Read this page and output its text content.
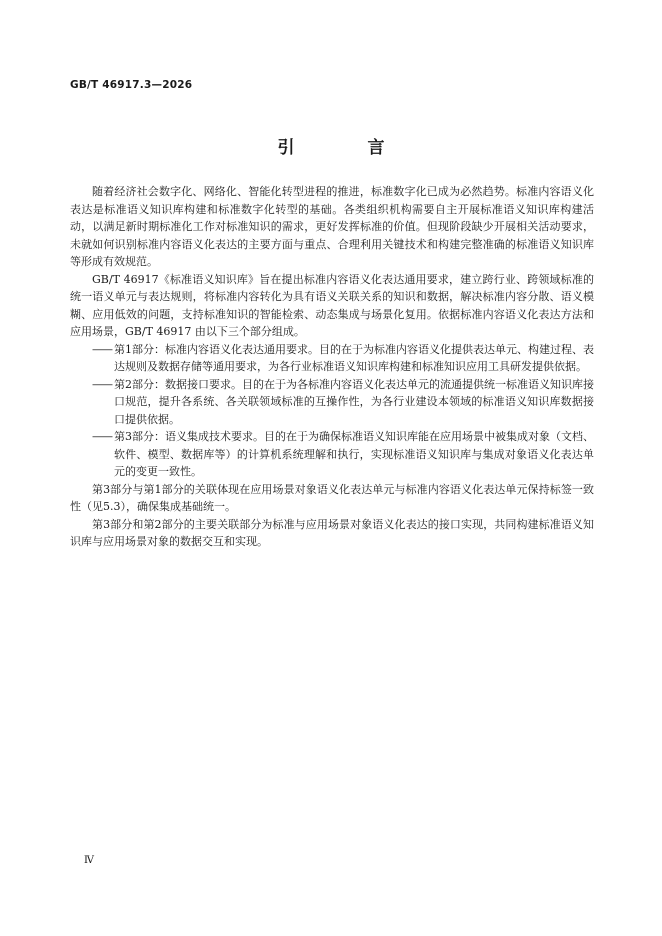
GB/T 46917.3—2026
引　言

随着经济社会数字化、网络化、智能化转型进程的推进，标准数字化已成为必然趋势。标准内容语义化表达是标准语义知识库构建和标准数字化转型的基础。各类组织机构需要自主开展标准语义知识库构建活动，以满足新时期标准化工作对标准知识的需求，更好发挥标准的价值。但现阶段缺少开展相关活动要求，未就如何识别标准内容语义化表达的主要方面与重点、合理利用关键技术和构建完整准确的标准语义知识库等形成有效规范。

GB/T 46917《标准语义知识库》旨在提出标准内容语义化表达通用要求，建立跨行业、跨领域标准的统一语义单元与表达规则，将标准内容转化为具有语义关联关系的知识和数据，解决标准内容分散、语义模糊、应用低效的问题，支持标准知识的智能检索、动态集成与场景化复用。依据标准内容语义化表达方法和应用场景，GB/T 46917 由以下三个部分组成。

—— 第1部分：标准内容语义化表达通用要求。目的在于为标准内容语义化提供表达单元、构建过程、表达规则及数据存储等通用要求，为各行业标准语义知识库构建和标准知识应用工具研发提供依据。
—— 第2部分：数据接口要求。目的在于为各标准内容语义化表达单元的流通提供统一标准语义知识库接口规范，提升各系统、各关联领域标准的互操作性，为各行业建设本领域的标准语义知识库数据接口提供依据。
—— 第3部分：语义集成技术要求。目的在于为确保标准语义知识库能在应用场景中被集成对象（文档、软件、模型、数据库等）的计算机系统理解和执行，实现标准语义知识库与集成对象语义化表达单元的变更一致性。

第3部分与第1部分的关联体现在应用场景对象语义化表达单元与标准内容语义化表达单元保持标签一致性（见5.3），确保集成基础统一。

第3部分和第2部分的主要关联部分为标准与应用场景对象语义化表达的接口实现，共同构建标准语义知识库与应用场景对象的数据交互和实现。

Ⅳ
